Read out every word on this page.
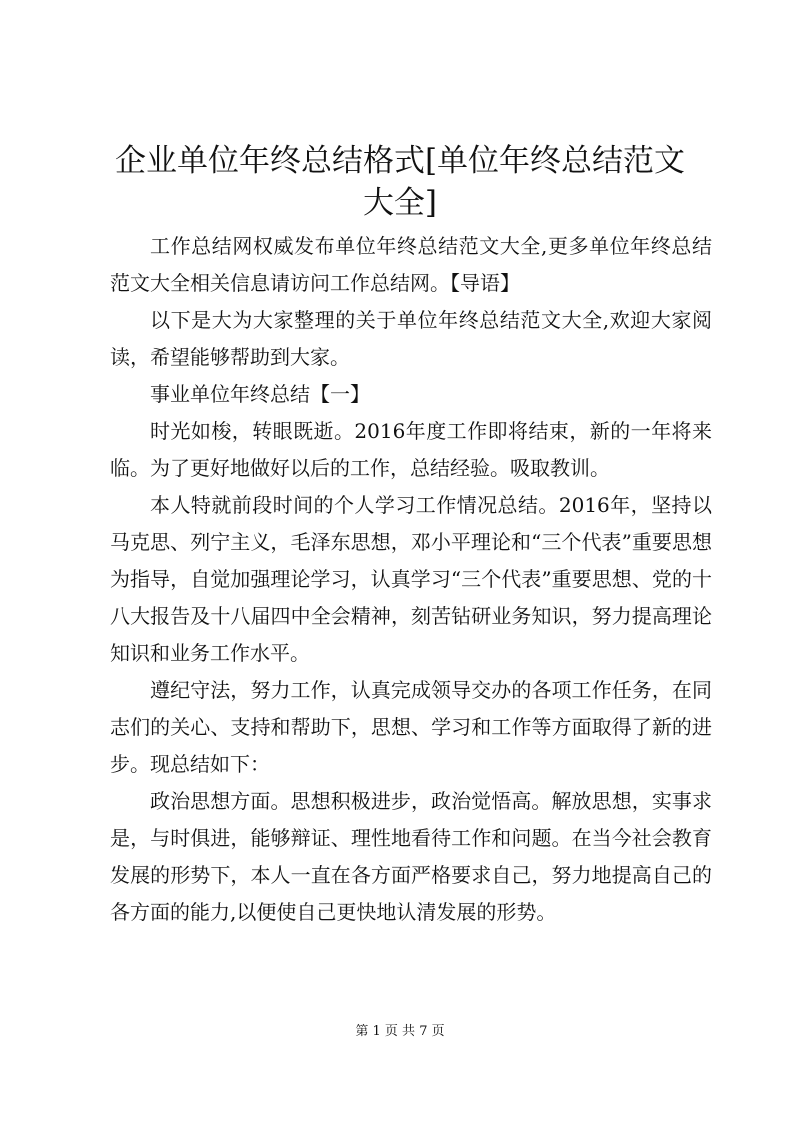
企业单位年终总结格式[单位年终总结范文大全]

工作总结网权威发布单位年终总结范文大全,更多单位年终总结范文大全相关信息请访问工作总结网。【导语】

以下是大为大家整理的关于单位年终总结范文大全,欢迎大家阅读，希望能够帮助到大家。

事业单位年终总结【一】

时光如梭，转眼既逝。2016年度工作即将结束，新的一年将来临。为了更好地做好以后的工作，总结经验。吸取教训。

本人特就前段时间的个人学习工作情况总结。2016年，坚持以马克思、列宁主义，毛泽东思想，邓小平理论和“三个代表”重要思想为指导，自觉加强理论学习，认真学习“三个代表”重要思想、党的十八大报告及十八届四中全会精神，刻苦钻研业务知识，努力提高理论知识和业务工作水平。

遵纪守法，努力工作，认真完成领导交办的各项工作任务，在同志们的关心、支持和帮助下，思想、学习和工作等方面取得了新的进步。现总结如下：

政治思想方面。思想积极进步，政治觉悟高。解放思想，实事求是，与时俱进，能够辩证、理性地看待工作和问题。在当今社会教育发展的形势下，本人一直在各方面严格要求自己，努力地提高自己的各方面的能力,以便使自己更快地认清发展的形势。

第 1 页 共 7 页
